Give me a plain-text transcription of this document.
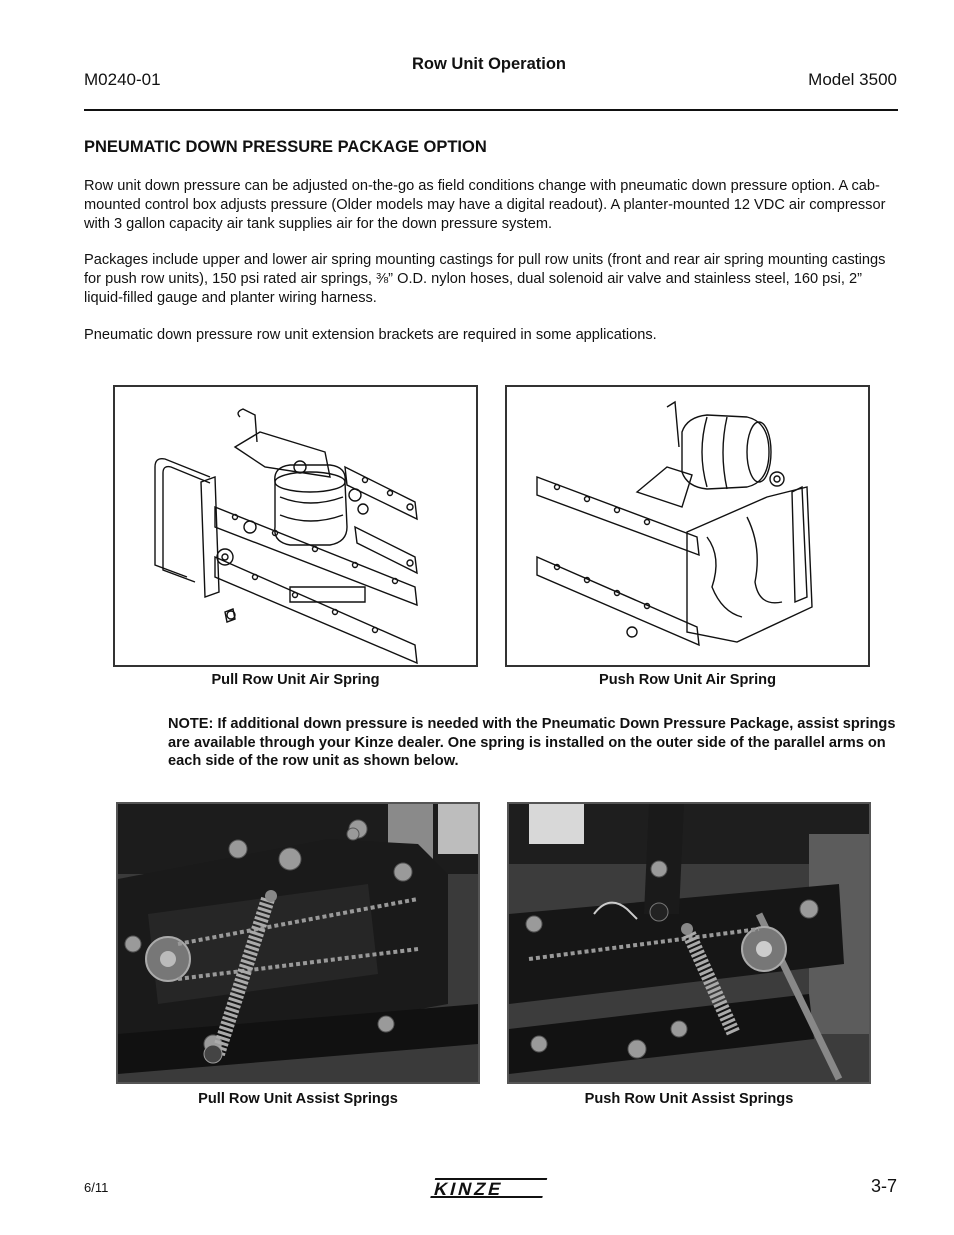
M0240-01
Row Unit Operation
Model 3500
PNEUMATIC DOWN PRESSURE PACKAGE OPTION
Row unit down pressure can be adjusted on-the-go as field conditions change with pneumatic down pressure option. A cab-mounted control box adjusts pressure (Older models may have a digital readout). A planter-mounted 12 VDC air compressor with 3 gallon capacity air tank supplies air for the down pressure system.
Packages include upper and lower air spring mounting castings for pull row units (front and rear air spring mounting castings for push row units), 150 psi rated air springs, ⅜” O.D. nylon hoses, dual solenoid air valve and stainless steel, 160 psi, 2” liquid-filled gauge and planter wiring harness.
Pneumatic down pressure row unit extension brackets are required in some applications.
Pull Row Unit Air Spring	Push Row Unit Air Spring
NOTE: If additional down pressure is needed with the Pneumatic Down Pressure Package, assist springs are available through your Kinze dealer. One spring is installed on the outer side of the parallel arms on each side of the row unit as shown below.
Pull Row Unit Assist Springs	Push Row Unit Assist Springs
6/11	KINZE	3-7
